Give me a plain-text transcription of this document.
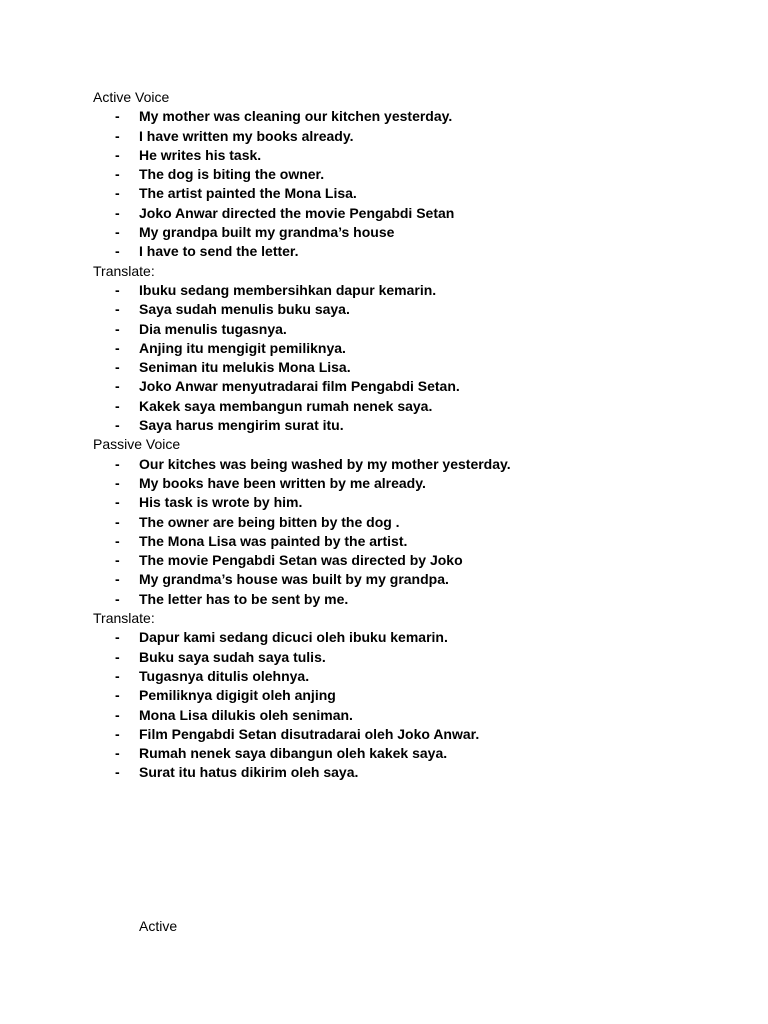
Active Voice
- My mother was cleaning our kitchen yesterday.
- I have written my books already.
- He writes his task.
- The dog is biting the owner.
- The artist painted the Mona Lisa.
- Joko Anwar directed the movie Pengabdi Setan
- My grandpa built my grandma’s house
- I have to send the letter.
Translate:
- Ibuku sedang membersihkan dapur kemarin.
- Saya sudah menulis buku saya.
- Dia menulis tugasnya.
- Anjing itu mengigit pemiliknya.
- Seniman itu melukis Mona Lisa.
- Joko Anwar menyutradarai film Pengabdi Setan.
- Kakek saya membangun rumah nenek saya.
- Saya harus mengirim surat itu.
Passive Voice
- Our kitches was being washed by my mother yesterday.
- My books have been written by me already.
- His task is wrote by him.
- The owner are being bitten by the dog .
- The Mona Lisa was painted by the artist.
- The movie Pengabdi Setan was directed by Joko
- My grandma’s house was built by my grandpa.
- The letter has to be sent by me.
Translate:
- Dapur kami sedang dicuci oleh ibuku kemarin.
- Buku saya sudah saya tulis.
- Tugasnya ditulis olehnya.
- Pemiliknya digigit oleh anjing
- Mona Lisa dilukis oleh seniman.
- Film Pengabdi Setan disutradarai oleh Joko Anwar.
- Rumah nenek saya dibangun oleh kakek saya.
- Surat itu hatus dikirim oleh saya.
Active
